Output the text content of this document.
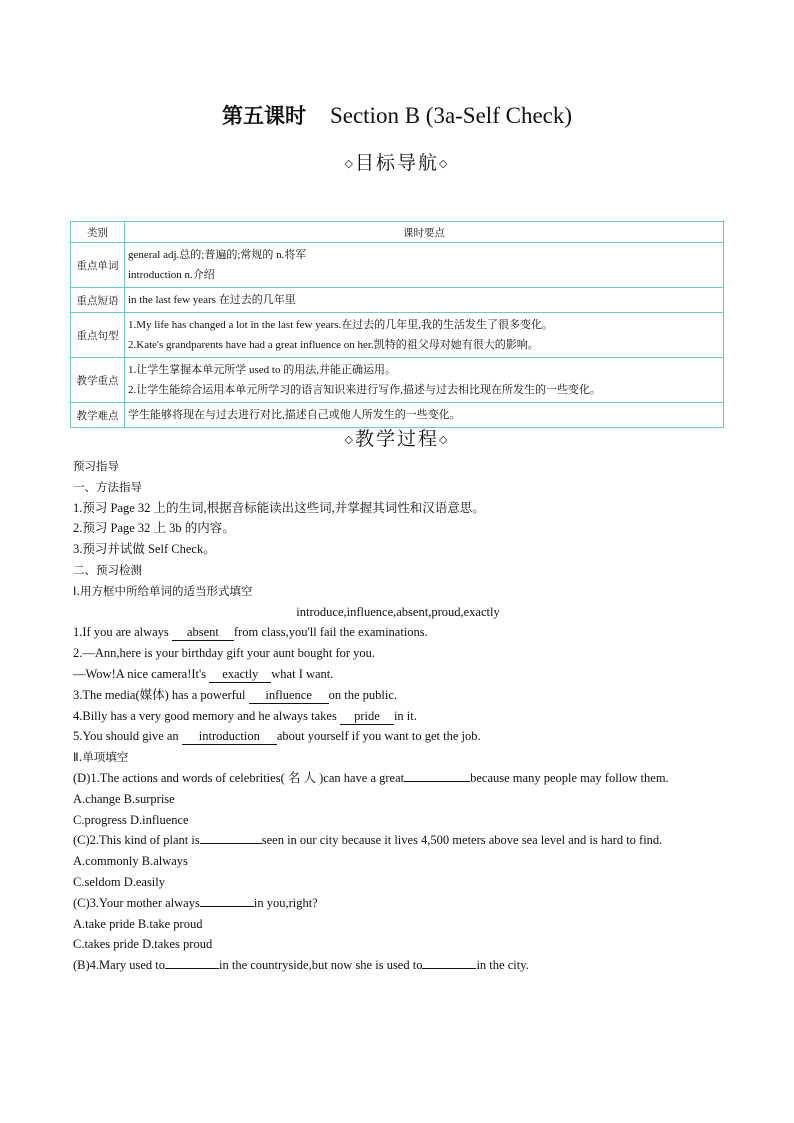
第五课时 Section B (3a-Self Check)
◇目标导航◇
类别	课时要点
重点单词	general adj.总的;普遍的;常规的 n.将军
introduction n.介绍

重点短语	in the last few years 在过去的几年里

重点句型	1.My life has changed a lot in the last few years.在过去的几年里,我的生活发生了很多变化。
2.Kate's grandparents have had a great influence on her.凯特的祖父母对她有很大的影响。

教学重点	1.让学生掌握本单元所学 used to 的用法,并能正确运用。
2.让学生能综合运用本单元所学习的语言知识来进行写作,描述与过去相比现在所发生的一些变化。

教学难点	学生能够将现在与过去进行对比,描述自己或他人所发生的一些变化。
◇教学过程◇
预习指导
一、方法指导
1.预习 Page 32 上的生词,根据音标能读出这些词,并掌握其词性和汉语意思。
2.预习 Page 32 上 3b 的内容。
3.预习并试做 Self Check。
二、预习检测
Ⅰ.用方框中所给单词的适当形式填空
introduce,influence,absent,proud,exactly
1.If you are always absent from class,you'll fail the examinations.
2.—Ann,here is your birthday gift your aunt bought for you.
—Wow!A nice camera!It's exactly what I want.
3.The media(媒体) has a powerful influence on the public.
4.Billy has a very good memory and he always takes pride in it.
5.You should give an introduction about yourself if you want to get the job.
Ⅱ.单项填空
(D)1.The actions and words of celebrities( 名 人 )can have a great	because many people may follow them.
A.change B.surprise
C.progress D.influence
(C)2.This kind of plant is	seen in our city because it lives 4,500 meters above sea level and is hard to find.
A.commonly B.always
C.seldom D.easily
(C)3.Your mother always	in you,right?
A.take pride B.take proud
C.takes pride D.takes proud
(B)4.Mary used to	in the countryside,but now she is used to	in the city.
